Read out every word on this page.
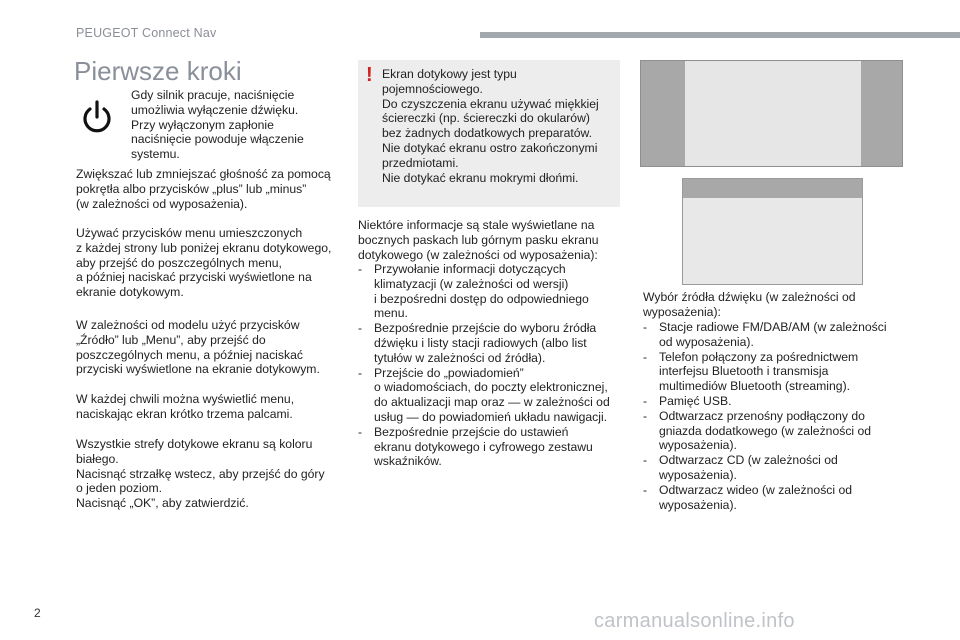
PEUGEOT Connect Nav
Pierwsze kroki
Gdy silnik pracuje, naciśnięcie
umożliwia wyłączenie dźwięku.
Przy wyłączonym zapłonie
naciśnięcie powoduje włączenie
systemu.
Zwiększać lub zmniejszać głośność za pomocą
pokrętła albo przycisków „plus” lub „minus”
(w zależności od wyposażenia).
Używać przycisków menu umieszczonych
z każdej strony lub poniżej ekranu dotykowego,
aby przejść do poszczególnych menu,
a później naciskać przyciski wyświetlone na
ekranie dotykowym.
W zależności od modelu użyć przycisków
„Źródło” lub „Menu”, aby przejść do
poszczególnych menu, a później naciskać
przyciski wyświetlone na ekranie dotykowym.
W każdej chwili można wyświetlić menu,
naciskając ekran krótko trzema palcami.
Wszystkie strefy dotykowe ekranu są koloru
białego.
Nacisnąć strzałkę wstecz, aby przejść do góry
o jeden poziom.
Nacisnąć „OK”, aby zatwierdzić.
! Ekran dotykowy jest typu
pojemnościowego.
Do czyszczenia ekranu używać miękkiej
ściereczki (np. ściereczki do okularów)
bez żadnych dodatkowych preparatów.
Nie dotykać ekranu ostro zakończonymi
przedmiotami.
Nie dotykać ekranu mokrymi dłońmi.
Niektóre informacje są stale wyświetlane na
bocznych paskach lub górnym pasku ekranu
dotykowego (w zależności od wyposażenia):
- Przywołanie informacji dotyczących
klimatyzacji (w zależności od wersji)
i bezpośredni dostęp do odpowiedniego
menu.
- Bezpośrednie przejście do wyboru źródła
dźwięku i listy stacji radiowych (albo list
tytułów w zależności od źródła).
- Przejście do „powiadomień”
o wiadomościach, do poczty elektronicznej,
do aktualizacji map oraz — w zależności od
usług — do powiadomień układu nawigacji.
- Bezpośrednie przejście do ustawień
ekranu dotykowego i cyfrowego zestawu
wskaźników.
Wybór źródła dźwięku (w zależności od
wyposażenia):
- Stacje radiowe FM/DAB/AM (w zależności
od wyposażenia).
- Telefon połączony za pośrednictwem
interfejsu Bluetooth i transmisja
multimediów Bluetooth (streaming).
- Pamięć USB.
- Odtwarzacz przenośny podłączony do
gniazda dodatkowego (w zależności od
wyposażenia).
- Odtwarzacz CD (w zależności od
wyposażenia).
- Odtwarzacz wideo (w zależności od
wyposażenia).
2	carmanualsonline.info
